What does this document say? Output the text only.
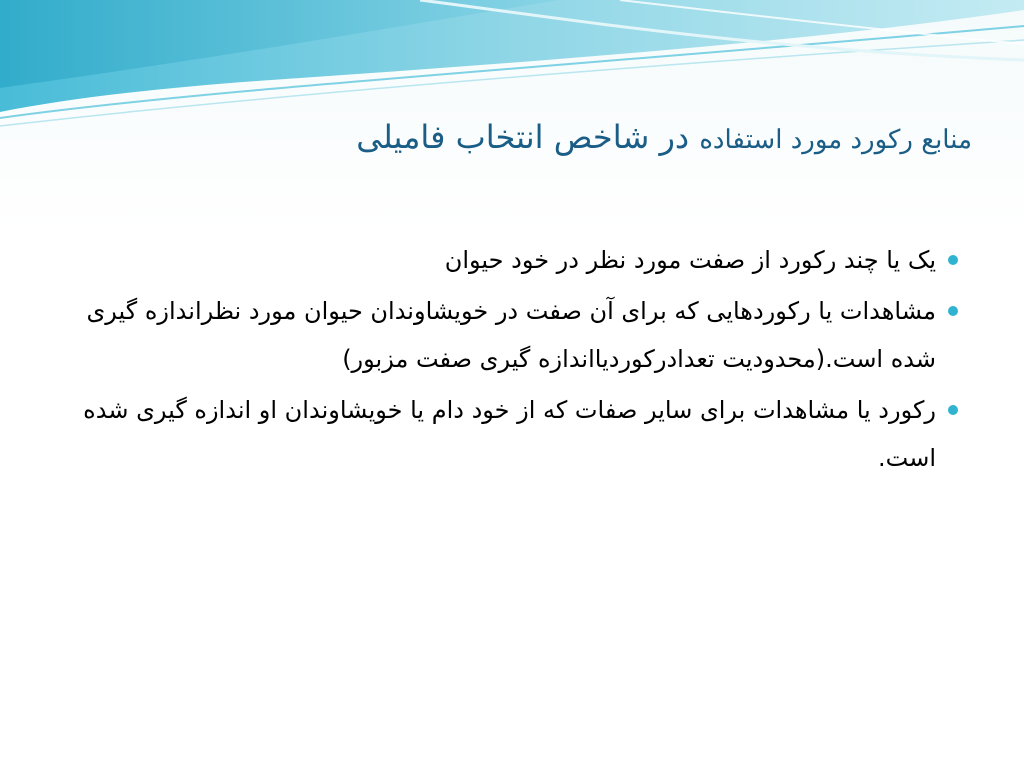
منابع رکورد مورد استفاده در شاخص انتخاب فامیلی
یک یا چند رکورد از صفت مورد نظر در خود حیوان
مشاهدات یا رکوردهایی که برای آن صفت در خویشاوندان حیوان مورد نظراندازه گیری شده است.(محدودیت تعدادرکوردیااندازه گیری صفت مزبور)
رکورد یا مشاهدات برای سایر صفات که از خود دام یا خویشاوندان او اندازه گیری شده است.
